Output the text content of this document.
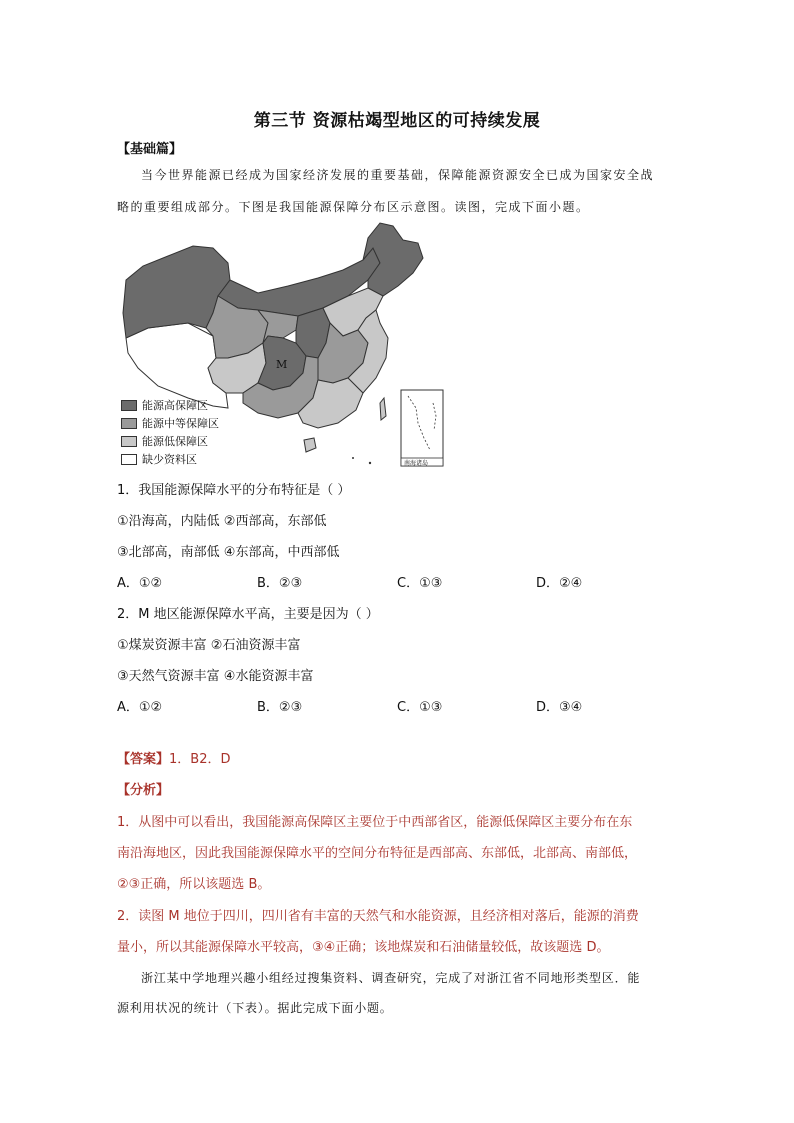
第三节 资源枯竭型地区的可持续发展
【基础篇】
当今世界能源已经成为国家经济发展的重要基础，保障能源资源安全已成为国家安全战
略的重要组成部分。下图是我国能源保障分布区示意图。读图，完成下面小题。
M
南海诸岛
能源高保障区
能源中等保障区
能源低保障区
缺少资料区
1．我国能源保障水平的分布特征是（ ）
①沿海高，内陆低 ②西部高，东部低
③北部高，南部低 ④东部高，中西部低
A．①②	B．②③	C．①③	D．②④
2．M 地区能源保障水平高，主要是因为（ ）
①煤炭资源丰富 ②石油资源丰富
③天然气资源丰富 ④水能资源丰富
A．①②	B．②③	C．①③	D．③④
【答案】1．B2．D
【分析】
1．从图中可以看出，我国能源高保障区主要位于中西部省区，能源低保障区主要分布在东
南沿海地区，因此我国能源保障水平的空间分布特征是西部高、东部低，北部高、南部低，
②③正确，所以该题选 B。
2．读图 M 地位于四川，四川省有丰富的天然气和水能资源，且经济相对落后，能源的消费
量小，所以其能源保障水平较高，③④正确；该地煤炭和石油储量较低，故该题选 D。
浙江某中学地理兴趣小组经过搜集资料、调查研究，完成了对浙江省不同地形类型区．能
源利用状况的统计（下表）。据此完成下面小题。
